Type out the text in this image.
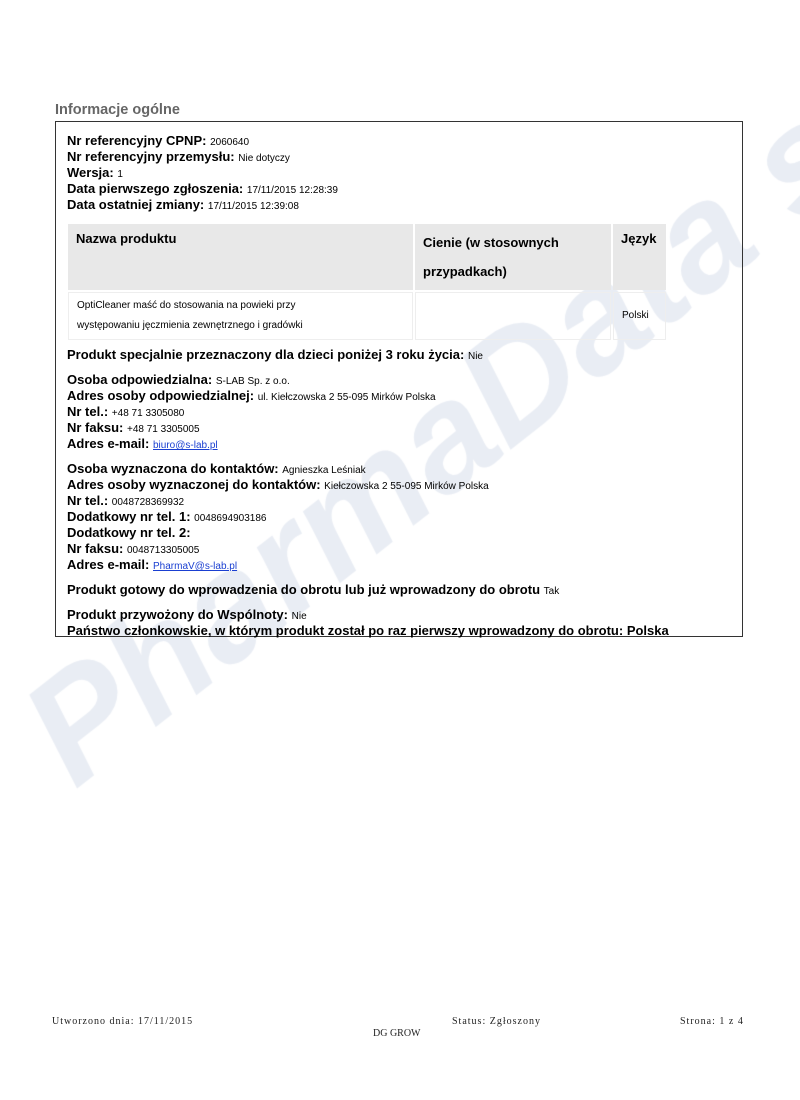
Informacje ogólne
Nr referencyjny CPNP: 2060640
Nr referencyjny przemysłu: Nie dotyczy
Wersja: 1
Data pierwszego zgłoszenia: 17/11/2015 12:28:39
Data ostatniej zmiany: 17/11/2015 12:39:08
Nazwa produktu	Cienie (w stosownych
przypadkach)	Język

OptiCleaner maść do stosowania na powieki przy
występowaniu jęczmienia zewnętrznego i gradówki		Polski
Produkt specjalnie przeznaczony dla dzieci poniżej 3 roku życia: Nie
Osoba odpowiedzialna: S-LAB Sp. z o.o.
Adres osoby odpowiedzialnej: ul. Kiełczowska 2 55-095 Mirków Polska
Nr tel.: +48 71 3305080
Nr faksu: +48 71 3305005
Adres e-mail: biuro@s-lab.pl
Osoba wyznaczona do kontaktów: Agnieszka Leśniak
Adres osoby wyznaczonej do kontaktów: Kiełczowska 2 55-095 Mirków Polska
Nr tel.: 0048728369932
Dodatkowy nr tel. 1: 0048694903186
Dodatkowy nr tel. 2:
Nr faksu: 0048713305005
Adres e-mail: PharmaV@s-lab.pl
Produkt gotowy do wprowadzenia do obrotu lub już wprowadzony do obrotu Tak
Produkt przywożony do Wspólnoty: Nie
Państwo członkowskie, w którym produkt został po raz pierwszy wprowadzony do obrotu: Polska
Utworzono dnia: 17/11/2015	Status: Zgłoszony	Strona: 1 z 4
DG GROW
